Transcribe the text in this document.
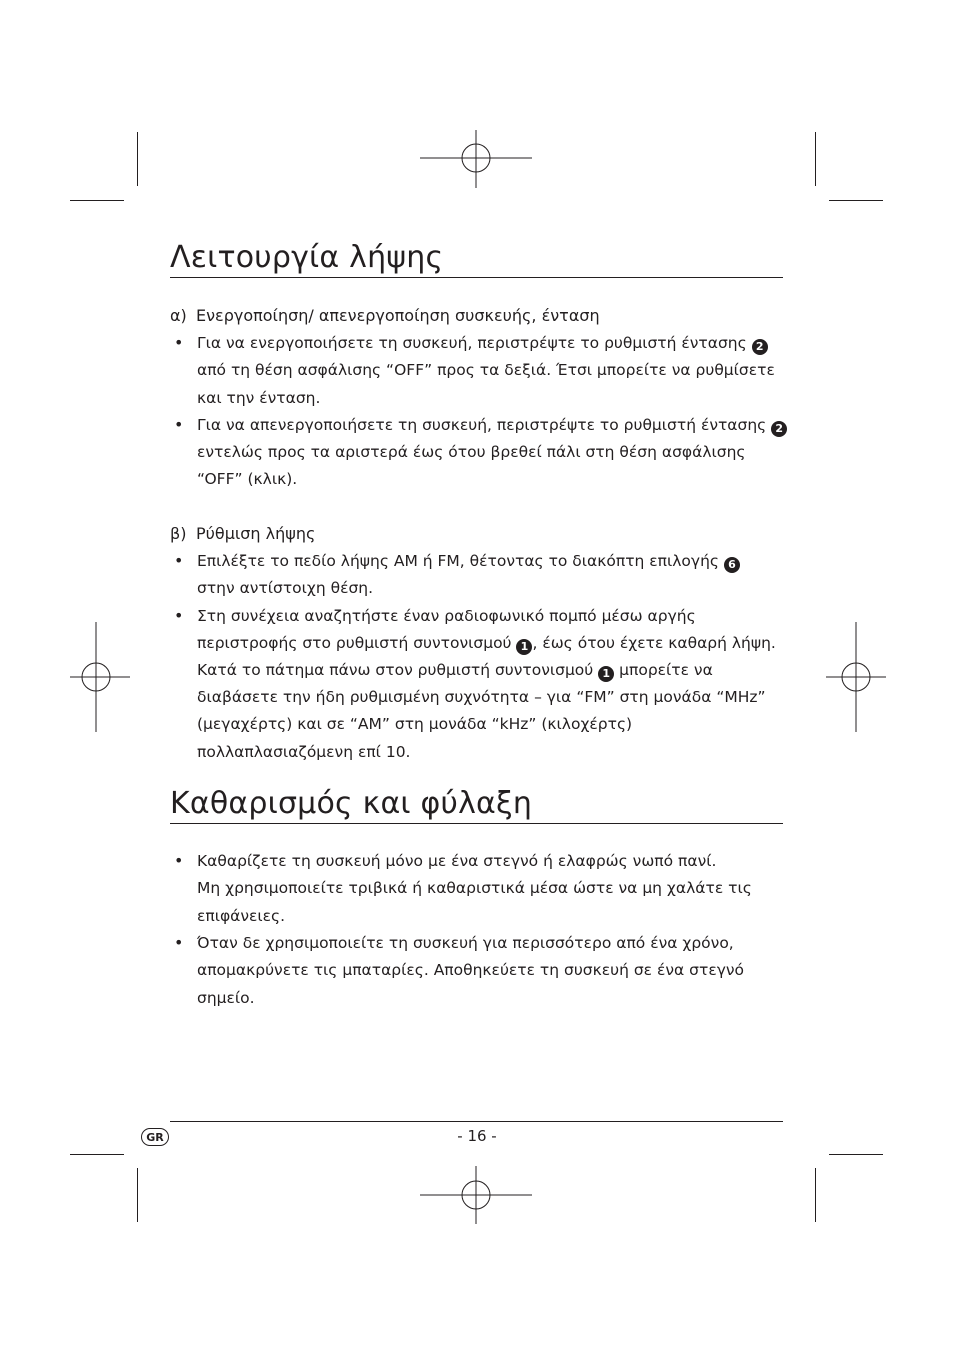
Λειτουργία λήψης
α) Ενεργοποίηση/ απενεργοποίηση συσκευής, ένταση
• Για να ενεργοποιήσετε τη συσκευή, περιστρέψτε το ρυθμιστή έντασης 2
από τη θέση ασφάλισης “OFF” προς τα δεξιά. Έτσι μπορείτε να ρυθμίσετε
και την ένταση.
• Για να απενεργοποιήσετε τη συσκευή, περιστρέψτε το ρυθμιστή έντασης 2
εντελώς προς τα αριστερά έως ότου βρεθεί πάλι στη θέση ασφάλισης
“OFF” (κλικ).
β) Ρύθμιση λήψης
• Επιλέξτε το πεδίο λήψης AM ή FM, θέτοντας το διακόπτη επιλογής 6
στην αντίστοιχη θέση.
• Στη συνέχεια αναζητήστε έναν ραδιοφωνικό πομπό μέσω αργής
περιστροφής στο ρυθμιστή συντονισμού 1 , έως ότου έχετε καθαρή λήψη.
Κατά το πάτημα πάνω στον ρυθμιστή συντονισμού 1 μπορείτε να
διαβάσετε την ήδη ρυθμισμένη συχνότητα – για “FM” στη μονάδα “MHz”
(μεγαχέρτς) και σε “AM” στη μονάδα “kHz” (κιλοχέρτς)
πολλαπλασιαζόμενη επί 10.
Καθαρισμός και φύλαξη
• Καθαρίζετε τη συσκευή μόνο με ένα στεγνό ή ελαφρώς νωπό πανί.
Μη χρησιμοποιείτε τριβικά ή καθαριστικά μέσα ώστε να μη χαλάτε τις
επιφάνειες.
• Όταν δε χρησιμοποιείτε τη συσκευή για περισσότερο από ένα χρόνο,
απομακρύνετε τις μπαταρίες. Αποθηκεύετε τη συσκευή σε ένα στεγνό
σημείο.
GR	- 16 -
